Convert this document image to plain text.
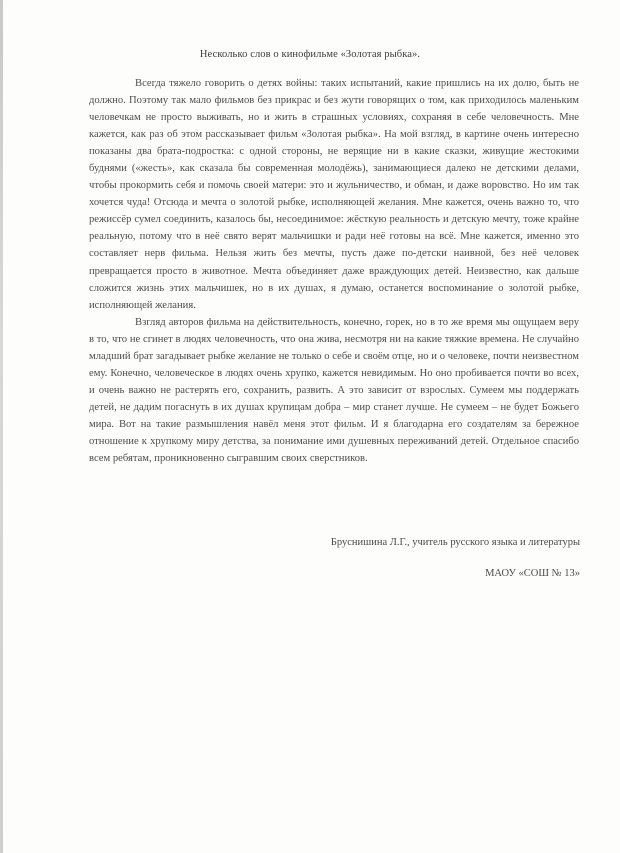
Несколько слов о кинофильме «Золотая рыбка».

Всегда тяжело говорить о детях войны: таких испытаний, какие пришлись на их долю, быть не должно. Поэтому так мало фильмов без прикрас и без жути говорящих о том, как приходилось маленьким человечкам не просто выживать, но и жить в страшных условиях, сохраняя в себе человечность. Мне кажется, как раз об этом рассказывает фильм «Золотая рыбка». На мой взгляд, в картине очень интересно показаны два брата-подростка: с одной стороны, не верящие ни в какие сказки, живущие жестокими буднями («жесть», как сказала бы современная молодёжь), занимающиеся далеко не детскими делами, чтобы прокормить себя и помочь своей матери: это и жульничество, и обман, и даже воровство. Но им так хочется чуда! Отсюда и мечта о золотой рыбке, исполняющей желания. Мне кажется, очень важно то, что режиссёр сумел соединить, казалось бы, несоединимое: жёсткую реальность и детскую мечту, тоже крайне реальную, потому что в неё свято верят мальчишки и ради неё готовы на всё. Мне кажется, именно это составляет нерв фильма. Нельзя жить без мечты, пусть даже по-детски наивной, без неё человек превращается просто в животное. Мечта объединяет даже враждующих детей. Неизвестно, как дальше сложится жизнь этих мальчишек, но в их душах, я думаю, останется воспоминание о золотой рыбке, исполняющей желания.

Взгляд авторов фильма на действительность, конечно, горек, но в то же время мы ощущаем веру в то, что не сгинет в людях человечность, что она жива, несмотря ни на какие тяжкие времена. Не случайно младший брат загадывает рыбке желание не только о себе и своём отце, но и о человеке, почти неизвестном ему. Конечно, человеческое в людях очень хрупко, кажется невидимым. Но оно пробивается почти во всех, и очень важно не растерять его, сохранить, развить. А это зависит от взрослых. Сумеем мы поддержать детей, не дадим погаснуть в их душах крупицам добра – мир станет лучше. Не сумеем – не будет Божьего мира. Вот на такие размышления навёл меня этот фильм. И я благодарна его создателям за бережное отношение к хрупкому миру детства, за понимание ими душевных переживаний детей. Отдельное спасибо всем ребятам, проникновенно сыгравшим своих сверстников.

Бруснишина Л.Г., учитель русского языка и литературы
МАОУ «СОШ № 13»
